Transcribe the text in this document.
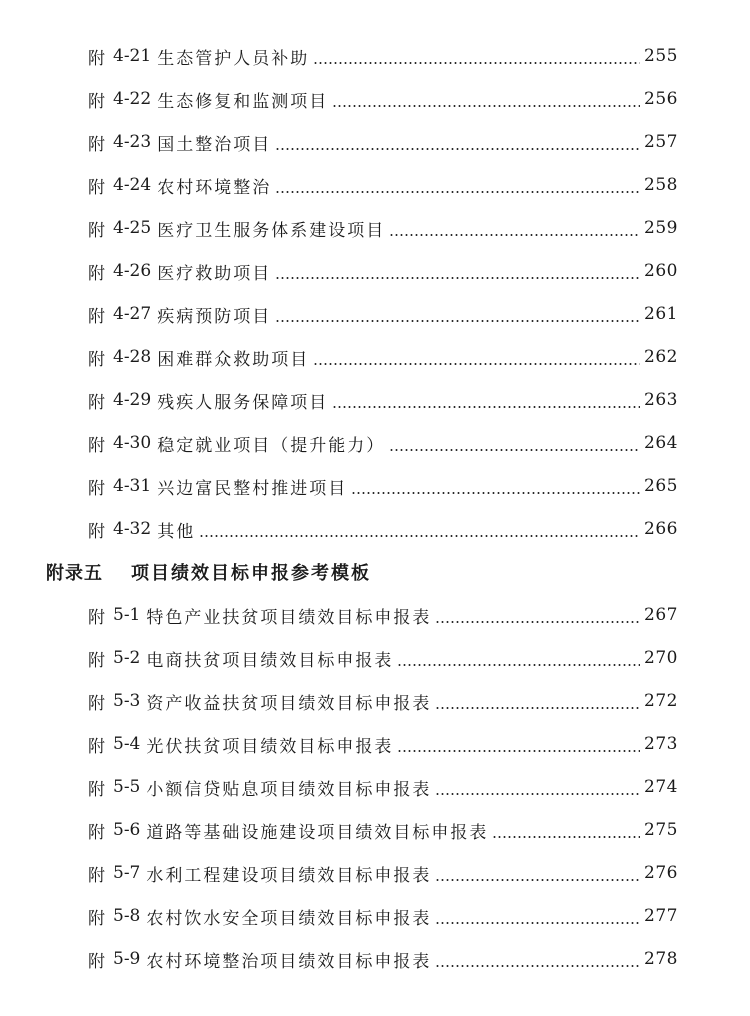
附 4-21 生态管护人员补助	255
附 4-22 生态修复和监测项目	256
附 4-23 国土整治项目	257
附 4-24 农村环境整治	258
附 4-25 医疗卫生服务体系建设项目	259
附 4-26 医疗救助项目	260
附 4-27 疾病预防项目	261
附 4-28 困难群众救助项目	262
附 4-29 残疾人服务保障项目	263
附 4-30 稳定就业项目（提升能力）	264
附 4-31 兴边富民整村推进项目	265
附 4-32 其他	266
附录五 项目绩效目标申报参考模板
附 5-1 特色产业扶贫项目绩效目标申报表	267
附 5-2 电商扶贫项目绩效目标申报表	270
附 5-3 资产收益扶贫项目绩效目标申报表	272
附 5-4 光伏扶贫项目绩效目标申报表	273
附 5-5 小额信贷贴息项目绩效目标申报表	274
附 5-6 道路等基础设施建设项目绩效目标申报表	275
附 5-7 水利工程建设项目绩效目标申报表	276
附 5-8 农村饮水安全项目绩效目标申报表	277
附 5-9 农村环境整治项目绩效目标申报表	278
